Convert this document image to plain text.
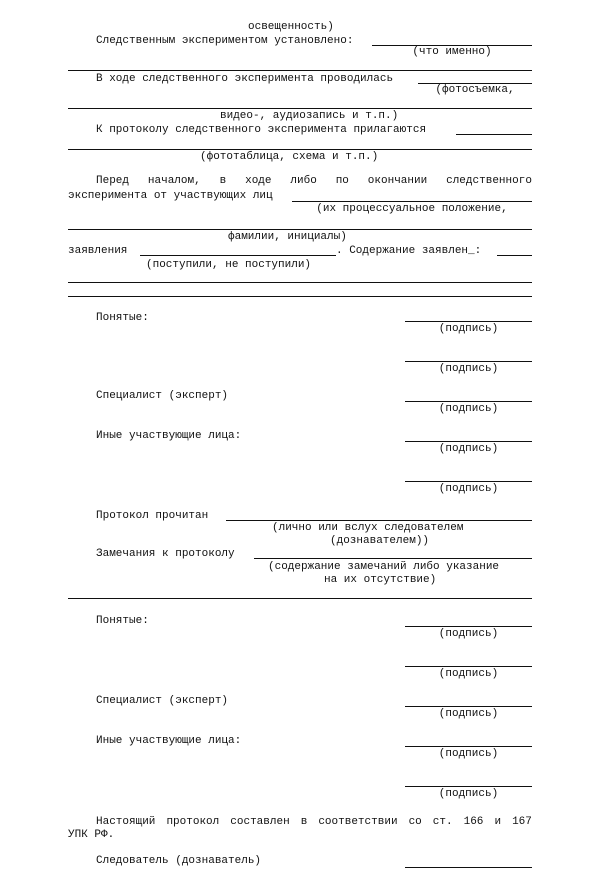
освещенность)
Следственным экспериментом установлено:
(что именно)
В ходе следственного эксперимента проводилась
(фотосъемка,
видео-, аудиозапись и т.п.)
К протоколу следственного эксперимента прилагаются
(фототаблица, схема и т.п.)
Перед началом, в ходе либо по окончании следственного
эксперимента от участвующих лиц
(их процессуальное положение,
фамилии, инициалы)
заявления	. Содержание заявлен_:
(поступили, не поступили)
Понятые:
(подпись)
(подпись)
Специалист (эксперт)
(подпись)
Иные участвующие лица:
(подпись)
(подпись)
Протокол прочитан
(лично или вслух следователем
(дознавателем))
Замечания к протоколу
(содержание замечаний либо указание
на их отсутствие)
Понятые:
(подпись)
(подпись)
Специалист (эксперт)
(подпись)
Иные участвующие лица:
(подпись)
(подпись)
Настоящий протокол составлен в соответствии со ст. 166 и 167
УПК РФ.
Следователь (дознаватель)
